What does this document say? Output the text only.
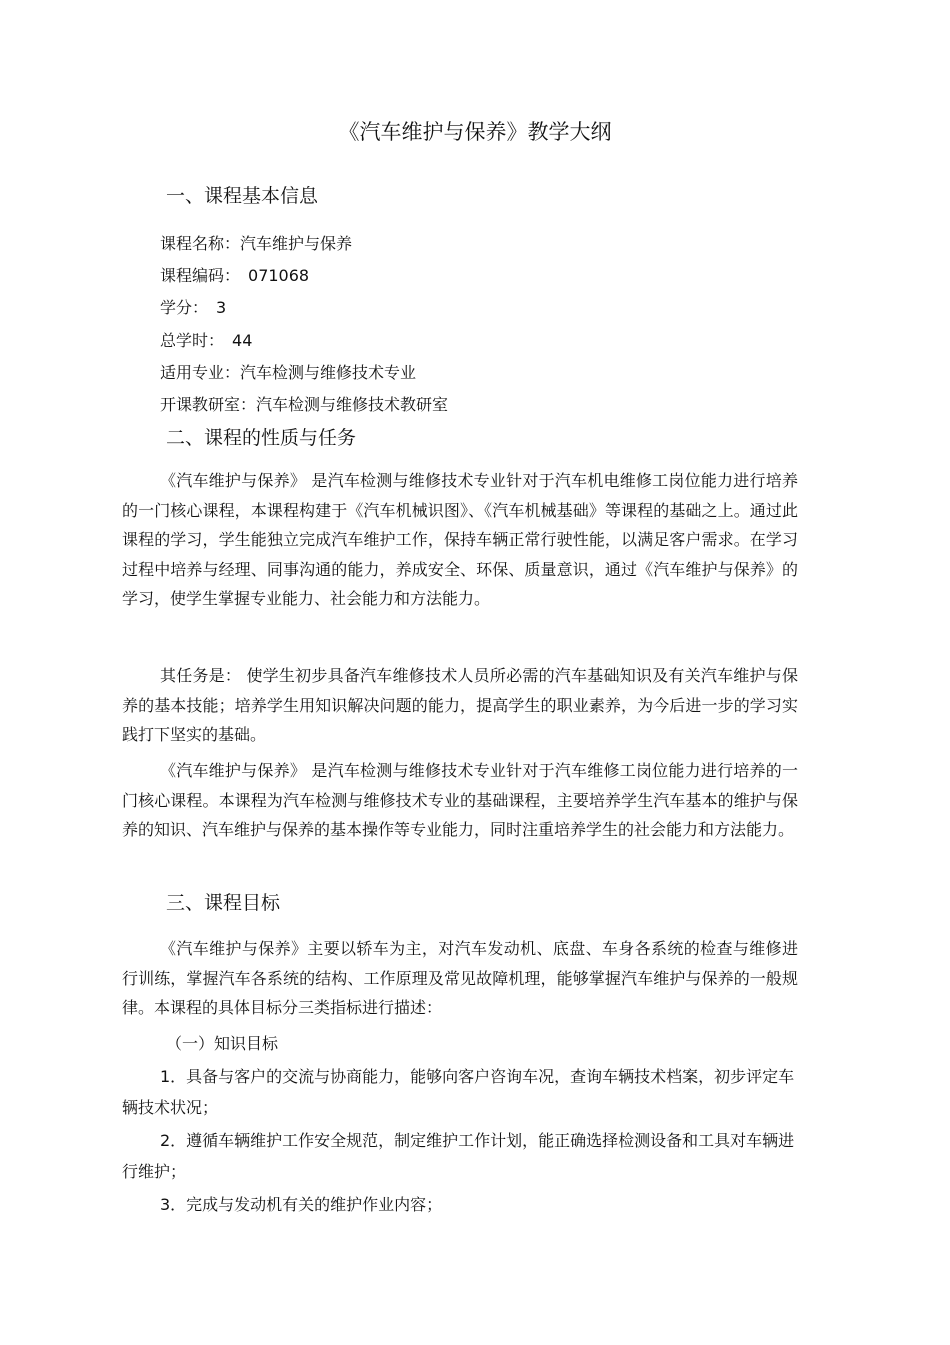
《汽车维护与保养》教学大纲
一、课程基本信息
课程名称：汽车维护与保养
课程编码： 071068
学分： 3
总学时： 44
适用专业：汽车检测与维修技术专业
开课教研室：汽车检测与维修技术教研室
二、课程的性质与任务

《汽车维护与保养》 是汽车检测与维修技术专业针对于汽车机电维修工岗位能力进行培养的一门核心课程，本课程构建于《汽车机械识图》、《汽车机械基础》等课程的基础之上。通过此课程的学习，学生能独立完成汽车维护工作，保持车辆正常行驶性能，以满足客户需求。在学习过程中培养与经理、同事沟通的能力，养成安全、环保、质量意识，通过《汽车维护与保养》的学习，使学生掌握专业能力、社会能力和方法能力。

其任务是： 使学生初步具备汽车维修技术人员所必需的汽车基础知识及有关汽车维护与保养的基本技能；培养学生用知识解决问题的能力，提高学生的职业素养，为今后进一步的学习实践打下坚实的基础。

《汽车维护与保养》 是汽车检测与维修技术专业针对于汽车维修工岗位能力进行培养的一门核心课程。本课程为汽车检测与维修技术专业的基础课程，主要培养学生汽车基本的维护与保养的知识、汽车维护与保养的基本操作等专业能力，同时注重培养学生的社会能力和方法能力。

三、课程目标

《汽车维护与保养》主要以轿车为主，对汽车发动机、底盘、车身各系统的检查与维修进行训练，掌握汽车各系统的结构、工作原理及常见故障机理，能够掌握汽车维护与保养的一般规律。本课程的具体目标分三类指标进行描述：

（一）知识目标

1．具备与客户的交流与协商能力，能够向客户咨询车况，查询车辆技术档案，初步评定车辆技术状况；

2．遵循车辆维护工作安全规范，制定维护工作计划，能正确选择检测设备和工具对车辆进行维护；

3．完成与发动机有关的维护作业内容；
